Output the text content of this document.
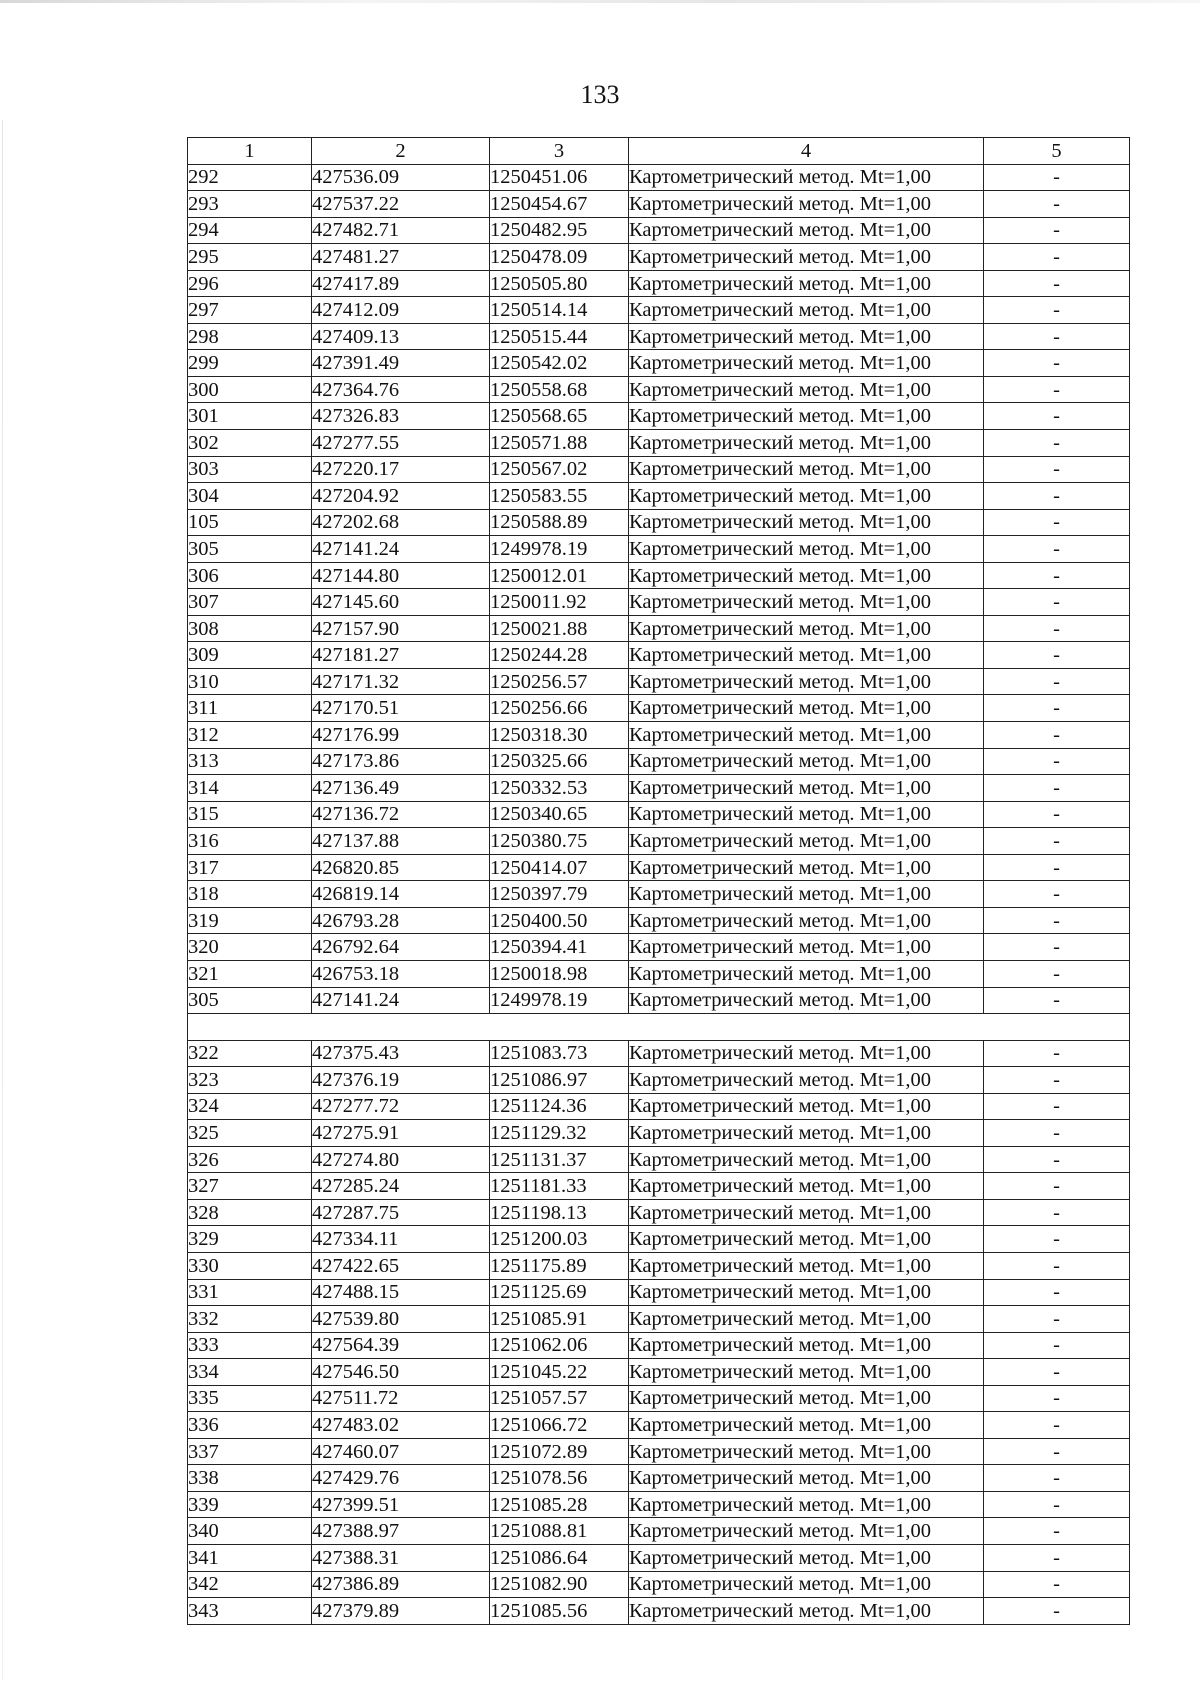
133
1	2	3	4	5
292	427536.09	1250451.06	Картометрический метод. Mt=1,00	-
293	427537.22	1250454.67	Картометрический метод. Mt=1,00	-
294	427482.71	1250482.95	Картометрический метод. Mt=1,00	-
295	427481.27	1250478.09	Картометрический метод. Mt=1,00	-
296	427417.89	1250505.80	Картометрический метод. Mt=1,00	-
297	427412.09	1250514.14	Картометрический метод. Mt=1,00	-
298	427409.13	1250515.44	Картометрический метод. Mt=1,00	-
299	427391.49	1250542.02	Картометрический метод. Mt=1,00	-
300	427364.76	1250558.68	Картометрический метод. Mt=1,00	-
301	427326.83	1250568.65	Картометрический метод. Mt=1,00	-
302	427277.55	1250571.88	Картометрический метод. Mt=1,00	-
303	427220.17	1250567.02	Картометрический метод. Mt=1,00	-
304	427204.92	1250583.55	Картометрический метод. Mt=1,00	-
105	427202.68	1250588.89	Картометрический метод. Mt=1,00	-
305	427141.24	1249978.19	Картометрический метод. Mt=1,00	-
306	427144.80	1250012.01	Картометрический метод. Mt=1,00	-
307	427145.60	1250011.92	Картометрический метод. Mt=1,00	-
308	427157.90	1250021.88	Картометрический метод. Mt=1,00	-
309	427181.27	1250244.28	Картометрический метод. Mt=1,00	-
310	427171.32	1250256.57	Картометрический метод. Mt=1,00	-
311	427170.51	1250256.66	Картометрический метод. Mt=1,00	-
312	427176.99	1250318.30	Картометрический метод. Mt=1,00	-
313	427173.86	1250325.66	Картометрический метод. Mt=1,00	-
314	427136.49	1250332.53	Картометрический метод. Mt=1,00	-
315	427136.72	1250340.65	Картометрический метод. Mt=1,00	-
316	427137.88	1250380.75	Картометрический метод. Mt=1,00	-
317	426820.85	1250414.07	Картометрический метод. Mt=1,00	-
318	426819.14	1250397.79	Картометрический метод. Mt=1,00	-
319	426793.28	1250400.50	Картометрический метод. Mt=1,00	-
320	426792.64	1250394.41	Картометрический метод. Mt=1,00	-
321	426753.18	1250018.98	Картометрический метод. Mt=1,00	-
305	427141.24	1249978.19	Картометрический метод. Mt=1,00	-

322	427375.43	1251083.73	Картометрический метод. Mt=1,00	-
323	427376.19	1251086.97	Картометрический метод. Mt=1,00	-
324	427277.72	1251124.36	Картометрический метод. Mt=1,00	-
325	427275.91	1251129.32	Картометрический метод. Mt=1,00	-
326	427274.80	1251131.37	Картометрический метод. Mt=1,00	-
327	427285.24	1251181.33	Картометрический метод. Mt=1,00	-
328	427287.75	1251198.13	Картометрический метод. Mt=1,00	-
329	427334.11	1251200.03	Картометрический метод. Mt=1,00	-
330	427422.65	1251175.89	Картометрический метод. Mt=1,00	-
331	427488.15	1251125.69	Картометрический метод. Mt=1,00	-
332	427539.80	1251085.91	Картометрический метод. Mt=1,00	-
333	427564.39	1251062.06	Картометрический метод. Mt=1,00	-
334	427546.50	1251045.22	Картометрический метод. Mt=1,00	-
335	427511.72	1251057.57	Картометрический метод. Mt=1,00	-
336	427483.02	1251066.72	Картометрический метод. Mt=1,00	-
337	427460.07	1251072.89	Картометрический метод. Mt=1,00	-
338	427429.76	1251078.56	Картометрический метод. Mt=1,00	-
339	427399.51	1251085.28	Картометрический метод. Mt=1,00	-
340	427388.97	1251088.81	Картометрический метод. Mt=1,00	-
341	427388.31	1251086.64	Картометрический метод. Mt=1,00	-
342	427386.89	1251082.90	Картометрический метод. Mt=1,00	-
343	427379.89	1251085.56	Картометрический метод. Mt=1,00	-
